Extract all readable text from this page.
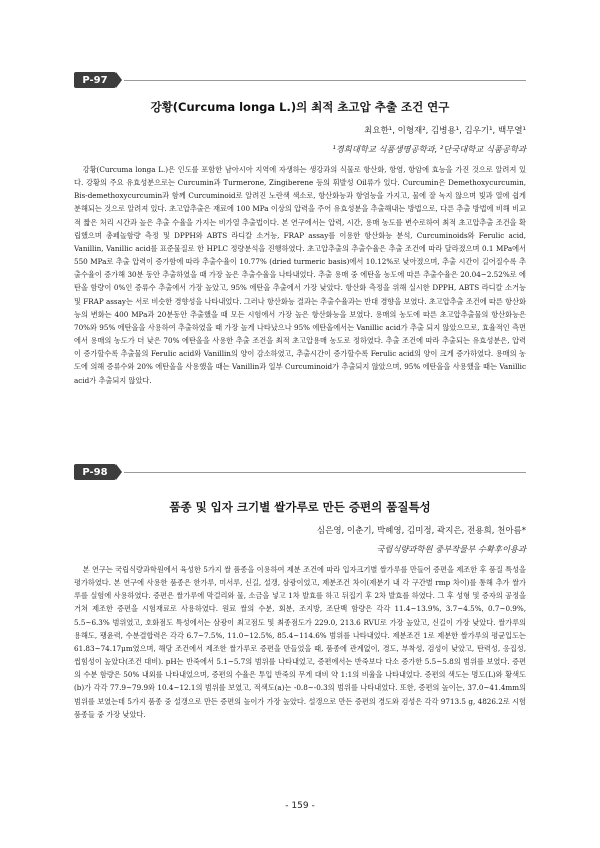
P-97
강황(Curcuma longa L.)의 최적 초고압 추출 조건 연구
최요한¹, 이형재², 김병용¹, 김우기¹, 백무열¹
¹경희대학교 식품생명공학과, ²단국대학교 식품공학과

강황(Curcuma longa L.)은 인도를 포함한 남아시아 지역에 자생하는 생강과의 식물로 항산화, 항염, 항암에 효능을 가진 것으로 알려져 있다. 강황의 주요 유효성분으로는 Curcumin과 Turmerone, Zingiberene 등의 휘발성 Oil류가 있다. Curcumin은 Demethoxycurcumin, Bis-demethoxycurcumin과 함께 Curcuminoid로 알려진 노란색 색소로, 항산화능과 항염능을 가지고, 물에 잘 녹지 않으며 빛과 열에 쉽게 분해되는 것으로 알려져 있다. 초고압추출은 재료에 100 MPa 이상의 압력을 주어 유효성분을 추출해내는 방법으로, 다른 추출 방법에 비해 비교적 짧은 처리 시간과 높은 추출 수율을 가지는 비가열 추출법이다. 본 연구에서는 압력, 시간, 용매 농도를 변수로하여 최적 초고압추출 조건을 확립했으며 총페놀함량 측정 및 DPPH와 ABTS 라디칼 소거능, FRAP assay를 이용한 항산화능 분석, Curcuminoids와 Ferulic acid, Vanillin, Vanillic acid를 표준물질로 한 HPLC 정량분석을 진행하였다. 초고압추출의 추출수율은 추출 조건에 따라 달라졌으며 0.1 MPa에서 550 MPa로 추출 압력이 증가함에 따라 추출수율이 10.77% (dried turmeric basis)에서 10.12%로 낮아졌으며, 추출 시간이 길어질수록 추출수율이 증가해 30분 동안 추출하였을 때 가장 높은 추출수율을 나타내었다. 추출 용매 중 에탄올 농도에 따른 추출수율은 20.04~2.52%로 에탄올 함량이 0%인 증류수 추출에서 가장 높았고, 95% 에탄올 추출에서 가장 낮았다. 항산화 측정을 위해 실시한 DPPH, ABTS 라디칼 소거능 및 FRAP assay는 서로 비슷한 경향성을 나타내었다. 그러나 항산화능 결과는 추출수율과는 반대 경향을 보였다. 초고압추출 조건에 따른 항산화능의 변화는 400 MPa과 20분동안 추출했을 때 모든 시험에서 가장 높은 항산화능을 보였다. 용매의 농도에 따른 초고압추출물의 항산화능은 70%와 95% 에탄올을 사용하여 추출하였을 때 가장 높게 나타났으나 95% 에탄올에서는 Vanillic acid가 추출 되지 않았으므로, 효율적인 측면에서 용매의 농도가 더 낮은 70% 에탄올을 사용한 추출 조건을 최적 초고압용매 농도로 정하였다. 추출 조건에 따라 추출되는 유효성분은, 압력이 증가할수록 추출물의 Ferulic acid와 Vanillin의 양이 감소하였고, 추출시간이 증가할수록 Ferulic acid의 양이 크게 증가하였다. 용매의 농도에 의해 증류수와 20% 에탄올을 사용했을 때는 Vanillin과 일부 Curcuminoid가 추출되지 않았으며, 95% 에탄올을 사용했을 때는 Vanillic acid가 추출되지 않았다.

P-98
품종 및 입자 크기별 쌀가루로 만든 증편의 품질특성
심은영, 이춘기, 박혜영, 김미정, 곽지은, 전용희, 천아름*
국립식량과학원 중부작물부 수확후이용과

본 연구는 국립식량과학원에서 육성한 5가지 쌀 품종을 이용하여 제분 조건에 따라 입자크기별 쌀가루를 만들어 증편을 제조한 후 품질 특성을 평가하였다. 본 연구에 사용한 품종은 한가루, 미서루, 신길, 설갱, 삼광이었고, 제분조건 차이(제분기 내 각 구간별 rmp 차이)를 통해 추가 쌀가루를 실험에 사용하였다. 증편은 쌀가루에 막걸리와 물, 소금을 넣고 1차 발효를 하고 뒤집기 후 2차 발효를 하였다. 그 후 성형 및 증자의 공정을 거쳐 제조한 증편을 시험재료로 사용하였다. 원료 쌀의 수분, 회분, 조지방, 조단백 함량은 각각 11.4~13.9%, 3.7~4.5%, 0.7~0.9%, 5.5~6.3% 범위였고, 호화점도 특성에서는 삼광이 최고점도 및 최종점도가 229.0, 213.6 RVU로 가장 높았고, 신길이 가장 낮았다. 쌀가루의 용해도, 팽윤력, 수분결합력은 각각 6.7~7.5%, 11.0~12.5%, 85.4~114.6% 범위를 나타내었다. 제분조건 1로 제분한 쌀가루의 평균입도는 61.83~74.17μm였으며, 해당 조건에서 제조한 쌀가루로 증편을 만들었을 때, 품종에 관계없이, 경도, 부착성, 검성이 낮았고, 탄력성, 응집성, 씹힘성이 높았다(조건 대비). pH는 반죽에서 5.1~5.7의 범위를 나타내었고, 증편에서는 반죽보다 다소 증가한 5.5~5.8의 범위를 보였다. 증편의 수분 함량은 50% 내외를 나타내었으며, 증편의 수율은 투입 반죽의 무게 대비 약 1:1의 비율을 나타내었다. 증편의 색도는 명도(L)와 황색도(b)가 각각 77.9~79.9와 10.4~12.1의 범위를 보였고, 적색도(a)는 -0.8~-0.3의 범위를 나타내었다. 또한, 증편의 높이는, 37.0~41.4mm의 범위를 보였는데 5가지 품종 중 설갱으로 만든 증편의 높이가 가장 높았다. 설갱으로 만든 증편의 경도와 검성은 각각 9713.5 g, 4826.2로 시험 품종들 중 가장 낮았다.

- 159 -
